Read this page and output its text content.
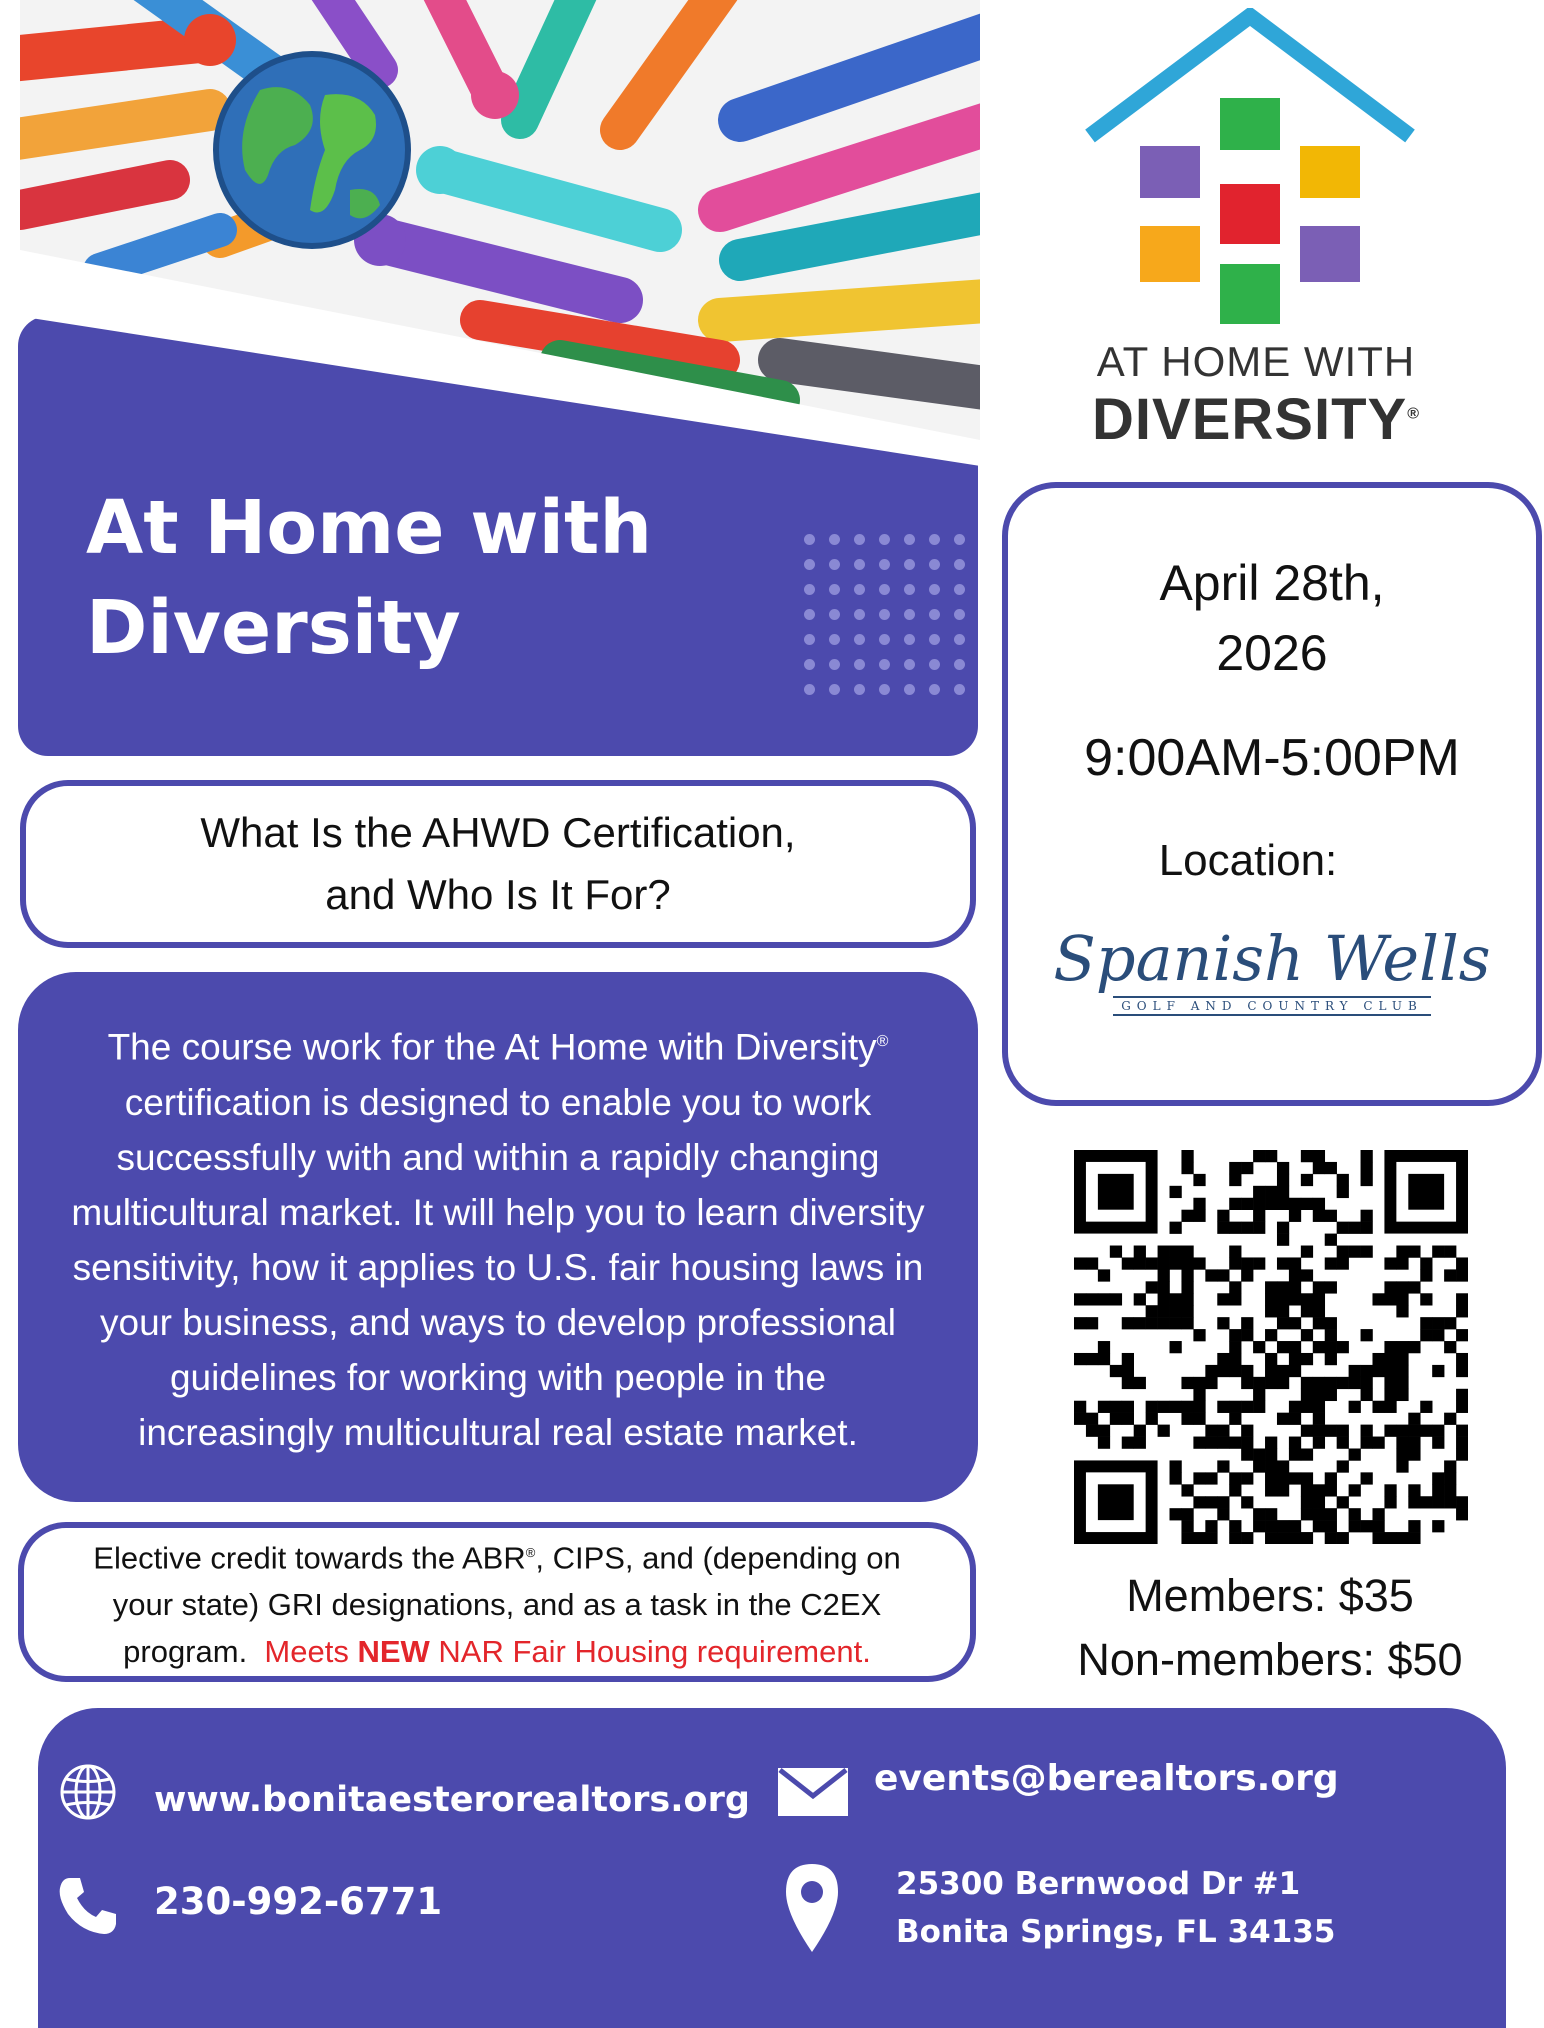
At Home with Diversity
AT HOME WITH
DIVERSITY®
What Is the AHWD Certification,
and Who Is It For?

The course work for the At Home with Diversity® certification is designed to enable you to work successfully with and within a rapidly changing multicultural market. It will help you to learn diversity sensitivity, how it applies to U.S. fair housing laws in your business, and ways to develop professional guidelines for working with people in the increasingly multicultural real estate market.

Elective credit towards the ABR®, CIPS, and (depending on your state) GRI designations, and as a task in the C2EX program. Meets NEW NAR Fair Housing requirement.

April 28th,
2026
9:00AM-5:00PM
Location:
Spanish Wells
GOLF AND COUNTRY CLUB
Members: $35
Non-members: $50
www.bonitaesterorealtors.org
events@berealtors.org
230-992-6771	25300 Bernwood Dr #1
Bonita Springs, FL 34135
